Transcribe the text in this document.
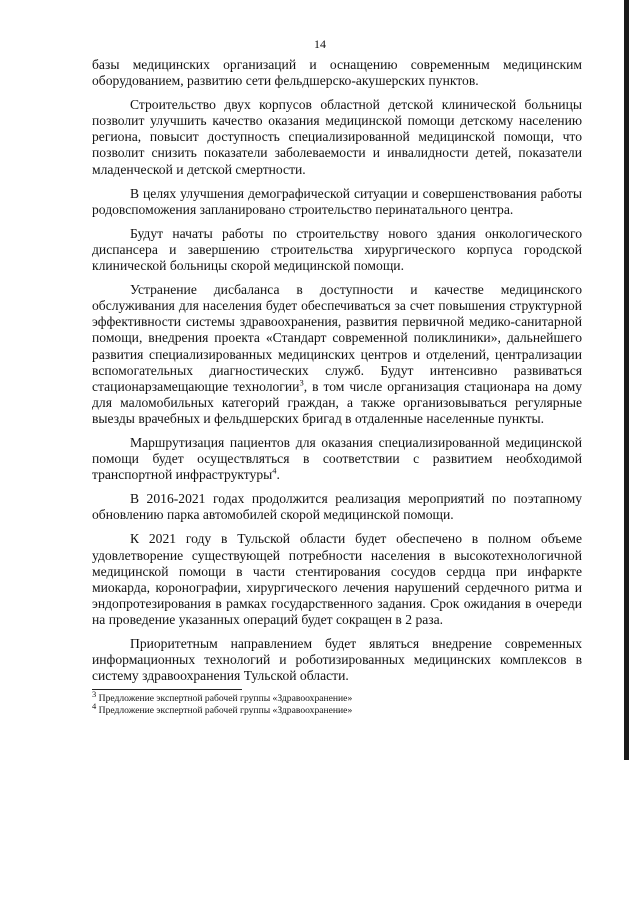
14

базы медицинских организаций и оснащению современным медицинским оборудованием, развитию сети фельдшерско-акушерских пунктов.

Строительство двух корпусов областной детской клинической больницы позволит улучшить качество оказания медицинской помощи детскому населению региона, повысит доступность специализированной медицинской помощи, что позволит снизить показатели заболеваемости и инвалидности детей, показатели младенческой и детской смертности.

В целях улучшения демографической ситуации и совершенствования работы родовспоможения запланировано строительство перинатального центра.

Будут начаты работы по строительству нового здания онкологического диспансера и завершению строительства хирургического корпуса городской клинической больницы скорой медицинской помощи.

Устранение дисбаланса в доступности и качестве медицинского обслуживания для населения будет обеспечиваться за счет повышения структурной эффективности системы здравоохранения, развития первичной медико-санитарной помощи, внедрения проекта «Стандарт современной поликлиники», дальнейшего развития специализированных медицинских центров и отделений, централизации вспомогательных диагностических служб. Будут интенсивно развиваться стационарзамещающие технологии$^3$, в том числе организация стационара на дому для маломобильных категорий граждан, а также организовываться регулярные выезды врачебных и фельдшерских бригад в отдаленные населенные пункты.

Маршрутизация пациентов для оказания специализированной медицинской помощи будет осуществляться в соответствии с развитием необходимой транспортной инфраструктуры$^4$.

В 2016-2021 годах продолжится реализация мероприятий по поэтапному обновлению парка автомобилей скорой медицинской помощи.

К 2021 году в Тульской области будет обеспечено в полном объеме удовлетворение существующей потребности населения в высокотехнологичной медицинской помощи в части стентирования сосудов сердца при инфаркте миокарда, коронографии, хирургического лечения нарушений сердечного ритма и эндопротезирования в рамках государственного задания. Срок ожидания в очереди на проведение указанных операций будет сокращен в 2 раза.

Приоритетным направлением будет являться внедрение современных информационных технологий и роботизированных медицинских комплексов в систему здравоохранения Тульской области.

$^3$ Предложение экспертной рабочей группы «Здравоохранение»
$^4$ Предложение экспертной рабочей группы «Здравоохранение»
